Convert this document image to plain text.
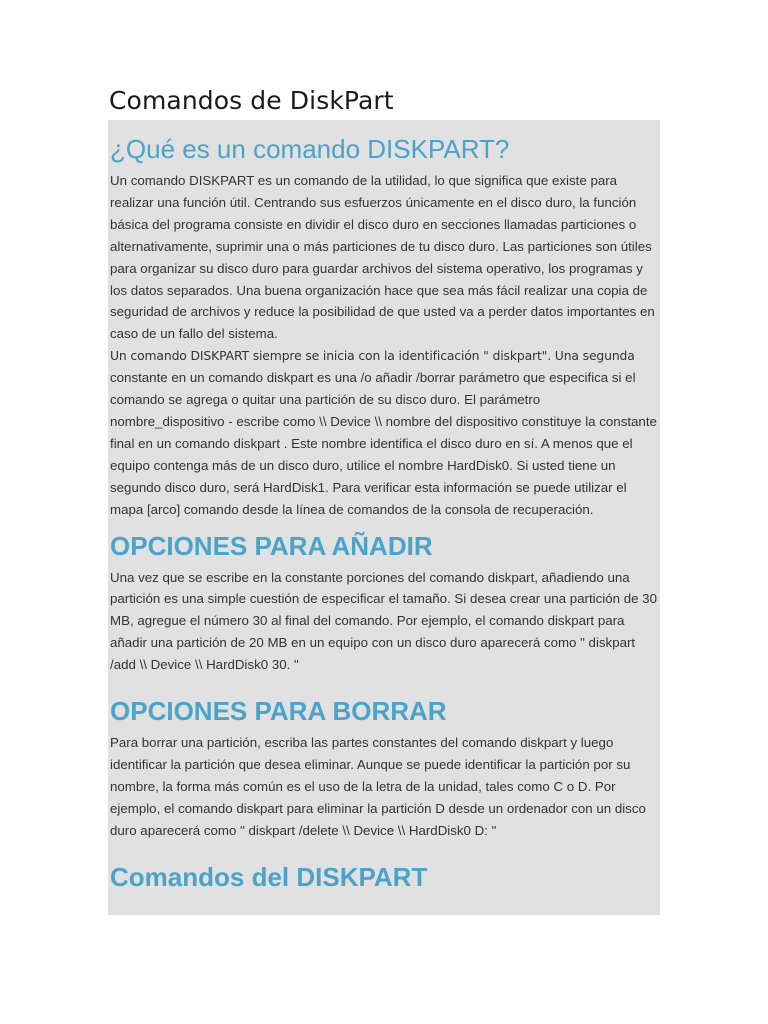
Comandos de DiskPart
¿Qué es un comando DISKPART?

Un comando DISKPART es un comando de la utilidad, lo que significa que existe para realizar una función útil. Centrando sus esfuerzos únicamente en el disco duro, la función básica del programa consiste en dividir el disco duro en secciones llamadas particiones o alternativamente, suprimir una o más particiones de tu disco duro. Las particiones son útiles para organizar su disco duro para guardar archivos del sistema operativo, los programas y los datos separados. Una buena organización hace que sea más fácil realizar una copia de seguridad de archivos y reduce la posibilidad de que usted va a perder datos importantes en caso de un fallo del sistema.

Un comando DISKPART siempre se inicia con la identificación " diskpart". Una segunda

constante en un comando diskpart es una /o añadir /borrar parámetro que especifica si el comando se agrega o quitar una partición de su disco duro. El parámetro nombre_dispositivo - escribe como \\ Device \\ nombre del dispositivo constituye la constante final en un comando diskpart . Este nombre identifica el disco duro en sí. A menos que el equipo contenga más de un disco duro, utilice el nombre HardDisk0. Si usted tiene un segundo disco duro, será HardDisk1. Para verificar esta información se puede utilizar el mapa [arco] comando desde la línea de comandos de la consola de recuperación.

OPCIONES PARA AÑADIR

Una vez que se escribe en la constante porciones del comando diskpart, añadiendo una partición es una simple cuestión de especificar el tamaño. Si desea crear una partición de 30 MB, agregue el número 30 al final del comando. Por ejemplo, el comando diskpart para añadir una partición de 20 MB en un equipo con un disco duro aparecerá como " diskpart /add \\ Device \\ HardDisk0 30. "

OPCIONES PARA BORRAR

Para borrar una partición, escriba las partes constantes del comando diskpart y luego identificar la partición que desea eliminar. Aunque se puede identificar la partición por su nombre, la forma más común es el uso de la letra de la unidad, tales como C o D. Por ejemplo, el comando diskpart para eliminar la partición D desde un ordenador con un disco duro aparecerá como " diskpart /delete \\ Device \\ HardDisk0 D: "

Comandos del DISKPART
